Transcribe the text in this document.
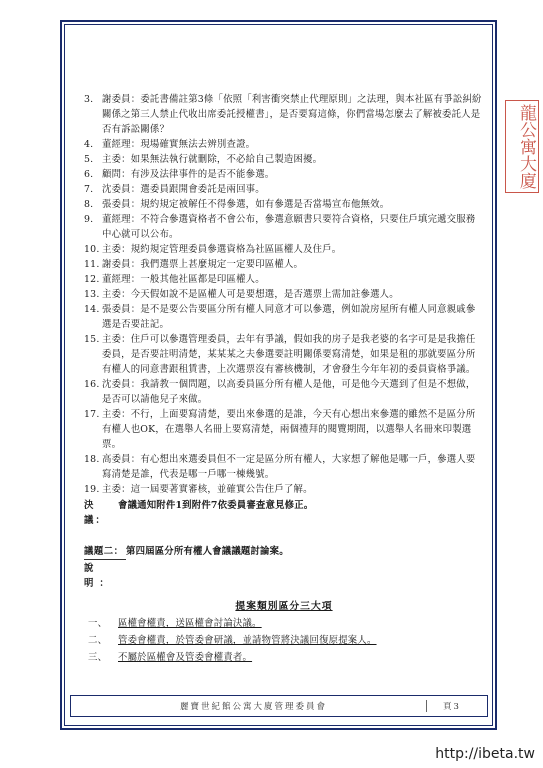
龍公寓大廈
3. 謝委員：委託書備註第3條「依照「利害衝突禁止代理原則」之法理，與本社區有爭訟糾紛關係之第三人禁止代收出席委託授權書」，是否要寫這條，你們當場怎麼去了解被委託人是否有訴訟關係？
4. 董經理：現場確實無法去辨別查證。
5. 主委：如果無法執行就刪除，不必給自己製造困擾。
6. 顧問：有涉及法律事件的是否不能參選。
7. 沈委員：選委員跟開會委託是兩回事。
8. 張委員：規約規定被解任不得參選，如有參選是否當場宣布他無效。
9. 董經理：不符合參選資格者不會公布，參選意願書只要符合資格，只要住戶填完遞交服務中心就可以公布。
10. 主委：規約規定管理委員參選資格為社區區權人及住戶。
11. 謝委員：我們選票上甚麼規定一定要印區權人。
12. 董經理：一般其他社區都是印區權人。
13. 主委：今天假如說不是區權人可是要想選，是否選票上需加註參選人。
14. 張委員：是不是要公告要區分所有權人同意才可以參選，例如說房屋所有權人同意親戚參選是否要註記。
15. 主委：住戶可以參選管理委員，去年有爭議，假如我的房子是我老婆的名字可是是我擔任委員，是否要註明清楚，某某某之夫參選要註明關係要寫清楚，如果是租的那就要區分所有權人的同意書跟租賃書，上次選票沒有審核機制，才會發生今年年初的委員資格爭議。
16. 沈委員：我請教一個問題，以高委員區分所有權人是他，可是他今天選到了但是不想做，是否可以請他兒子來做。
17. 主委：不行，上面要寫清楚，要出來參選的是誰，今天有心想出來參選的雖然不是區分所有權人也OK，在選舉人名冊上要寫清楚，兩個禮拜的閱覽期間，以選舉人名冊來印製選票。
18. 高委員：有心想出來選委員但不一定是區分所有權人，大家想了解他是哪一戶，參選人要寫清楚是誰，代表是哪一戶哪一棟幾號。
19. 主委：這一屆要著實審核，並確實公告住戶了解。
決議：
會議通知附件1到附件7依委員審查意見修正。
議題二： 第四屆區分所有權人會議議題討論案。
說明：
提案類別區分三大項
一、	區權會權責，送區權會討論決議。
二、	管委會權責，於管委會研議，並請物管將決議回復原提案人。
三、	不屬於區權會及管委會權責者。
麗寶世紀館公寓大廈管理委員會	頁3
http://ibeta.tw
